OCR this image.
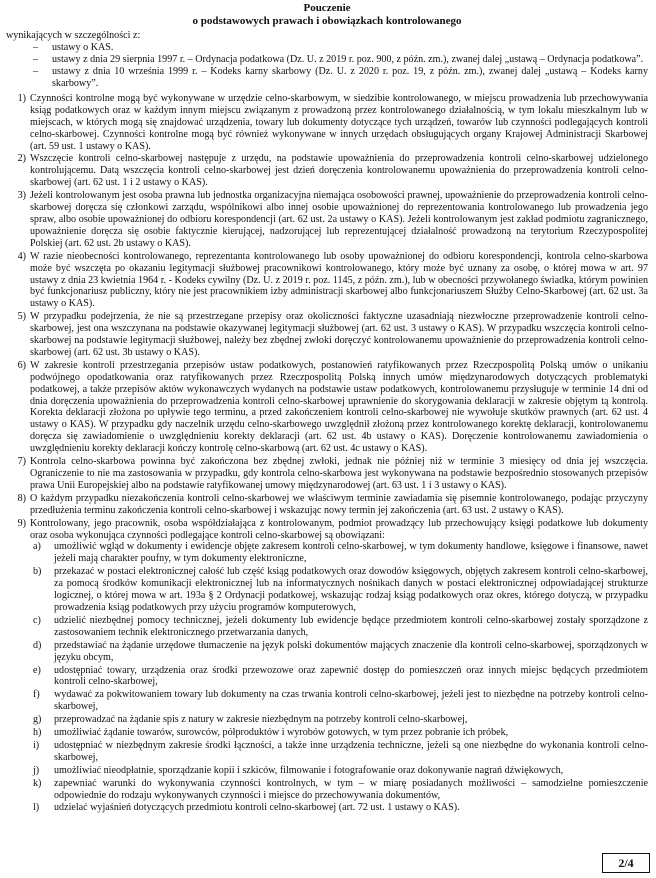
Pouczenie
o podstawowych prawach i obowiązkach kontrolowanego
wynikających w szczególności z:
– ustawy o KAS.
– ustawy z dnia 29 sierpnia 1997 r. – Ordynacja podatkowa (Dz. U. z 2019 r. poz. 900, z późn. zm.), zwanej dalej „ustawą – Ordynacja podatkowa”.
– ustawy z dnia 10 września 1999 r. – Kodeks karny skarbowy (Dz. U. z 2020 r. poz. 19, z późn. zm.), zwanej dalej „ustawą – Kodeks karny skarbowy”.
1) Czynności kontrolne mogą być wykonywane w urzędzie celno-skarbowym, w siedzibie kontrolowanego, w miejscu prowadzenia lub przechowywania ksiąg podatkowych oraz w każdym innym miejscu związanym z prowadzoną przez kontrolowanego działalnością, w tym lokalu mieszkalnym lub w miejscach, w których mogą się znajdować urządzenia, towary lub dokumenty dotyczące tych urządzeń, towarów lub czynności podlegających kontroli celno-skarbowej. Czynności kontrolne mogą być również wykonywane w innych urzędach obsługujących organy Krajowej Administracji Skarbowej (art. 59 ust. 1 ustawy o KAS).
2) Wszczęcie kontroli celno-skarbowej następuje z urzędu, na podstawie upoważnienia do przeprowadzenia kontroli celno-skarbowej udzielonego kontrolującemu. Datą wszczęcia kontroli celno-skarbowej jest dzień doręczenia kontrolowanemu upoważnienia do przeprowadzenia kontroli celno-skarbowej (art. 62 ust. 1 i 2 ustawy o KAS).
3) Jeżeli kontrolowanym jest osoba prawna lub jednostka organizacyjna niemająca osobowości prawnej, upoważnienie do przeprowadzenia kontroli celno-skarbowej doręcza się członkowi zarządu, wspólnikowi albo innej osobie upoważnionej do reprezentowania kontrolowanego lub prowadzenia jego spraw, albo osobie upoważnionej do odbioru korespondencji (art. 62 ust. 2a ustawy o KAS). Jeżeli kontrolowanym jest zakład podmiotu zagranicznego, upoważnienie doręcza się osobie faktycznie kierującej, nadzorującej lub reprezentującej działalność prowadzoną na terytorium Rzeczypospolitej Polskiej (art. 62 ust. 2b ustawy o KAS).
4) W razie nieobecności kontrolowanego, reprezentanta kontrolowanego lub osoby upoważnionej do odbioru korespondencji, kontrola celno-skarbowa może być wszczęta po okazaniu legitymacji służbowej pracownikowi kontrolowanego, który może być uznany za osobę, o której mowa w art. 97 ustawy z dnia 23 kwietnia 1964 r. - Kodeks cywilny (Dz. U. z 2019 r. poz. 1145, z późn. zm.), lub w obecności przywołanego świadka, którym powinien być funkcjonariusz publiczny, który nie jest pracownikiem izby administracji skarbowej albo funkcjonariuszem Służby Celno-Skarbowej (art. 62 ust. 3a ustawy o KAS).
5) W przypadku podejrzenia, że nie są przestrzegane przepisy oraz okoliczności faktyczne uzasadniają niezwłoczne przeprowadzenie kontroli celno-skarbowej, jest ona wszczynana na podstawie okazywanej legitymacji służbowej (art. 62 ust. 3 ustawy o KAS). W przypadku wszczęcia kontroli celno-skarbowej na podstawie legitymacji służbowej, należy bez zbędnej zwłoki doręczyć kontrolowanemu upoważnienie do przeprowadzenia kontroli celno-skarbowej (art. 62 ust. 3b ustawy o KAS).
6) W zakresie kontroli przestrzegania przepisów ustaw podatkowych, postanowień ratyfikowanych przez Rzeczpospolitą Polską umów o unikaniu podwójnego opodatkowania oraz ratyfikowanych przez Rzeczpospolitą Polską innych umów międzynarodowych dotyczących problematyki podatkowej, a także przepisów aktów wykonawczych wydanych na podstawie ustaw podatkowych, kontrolowanemu przysługuje w terminie 14 dni od dnia doręczenia upoważnienia do przeprowadzenia kontroli celno-skarbowej uprawnienie do skorygowania deklaracji w zakresie objętym tą kontrolą. Korekta deklaracji złożona po upływie tego terminu, a przed zakończeniem kontroli celno-skarbowej nie wywołuje skutków prawnych (art. 62 ust. 4 ustawy o KAS). W przypadku gdy naczelnik urzędu celno-skarbowego uwzględnił złożoną przez kontrolowanego korektę deklaracji, kontrolowanemu doręcza się zawiadomienie o uwzględnieniu korekty deklaracji (art. 62 ust. 4b ustawy o KAS). Doręczenie kontrolowanemu zawiadomienia o uwzględnieniu korekty deklaracji kończy kontrolę celno-skarbową (art. 62 ust. 4c ustawy o KAS).
7) Kontrola celno-skarbowa powinna być zakończona bez zbędnej zwłoki, jednak nie później niż w terminie 3 miesięcy od dnia jej wszczęcia. Ograniczenie to nie ma zastosowania w przypadku, gdy kontrola celno-skarbowa jest wykonywana na podstawie bezpośrednio stosowanych przepisów prawa Unii Europejskiej albo na podstawie ratyfikowanej umowy międzynarodowej (art. 63 ust. 1 i 3 ustawy o KAS).
8) O każdym przypadku niezakończenia kontroli celno-skarbowej we właściwym terminie zawiadamia się pisemnie kontrolowanego, podając przyczyny przedłużenia terminu zakończenia kontroli celno-skarbowej i wskazując nowy termin jej zakończenia (art. 63 ust. 2 ustawy o KAS).
9) Kontrolowany, jego pracownik, osoba współdziałająca z kontrolowanym, podmiot prowadzący lub przechowujący księgi podatkowe lub dokumenty oraz osoba wykonująca czynności podlegające kontroli celno-skarbowej są obowiązani:
a) umożliwić wgląd w dokumenty i ewidencje objęte zakresem kontroli celno-skarbowej, w tym dokumenty handlowe, księgowe i finansowe, nawet jeżeli mają charakter poufny, w tym dokumenty elektroniczne,
b) przekazać w postaci elektronicznej całość lub część ksiąg podatkowych oraz dowodów księgowych, objętych zakresem kontroli celno-skarbowej, za pomocą środków komunikacji elektronicznej lub na informatycznych nośnikach danych w postaci elektronicznej odpowiadającej strukturze logicznej, o której mowa w art. 193a § 2 Ordynacji podatkowej, wskazując rodzaj ksiąg podatkowych oraz okres, którego dotyczą, w przypadku prowadzenia ksiąg podatkowych przy użyciu programów komputerowych,
c) udzielić niezbędnej pomocy technicznej, jeżeli dokumenty lub ewidencje będące przedmiotem kontroli celno-skarbowej zostały sporządzone z zastosowaniem technik elektronicznego przetwarzania danych,
d) przedstawiać na żądanie urzędowe tłumaczenie na język polski dokumentów mających znaczenie dla kontroli celno-skarbowej, sporządzonych w języku obcym,
e) udostępniać towary, urządzenia oraz środki przewozowe oraz zapewnić dostęp do pomieszczeń oraz innych miejsc będących przedmiotem kontroli celno-skarbowej,
f) wydawać za pokwitowaniem towary lub dokumenty na czas trwania kontroli celno-skarbowej, jeżeli jest to niezbędne na potrzeby kontroli celno-skarbowej,
g) przeprowadzać na żądanie spis z natury w zakresie niezbędnym na potrzeby kontroli celno-skarbowej,
h) umożliwiać żądanie towarów, surowców, półproduktów i wyrobów gotowych, w tym przez pobranie ich próbek,
i) udostępniać w niezbędnym zakresie środki łączności, a także inne urządzenia techniczne, jeżeli są one niezbędne do wykonania kontroli celno-skarbowej,
j) umożliwiać nieodpłatnie, sporządzanie kopii i szkiców, filmowanie i fotografowanie oraz dokonywanie nagrań dźwiękowych,
k) zapewniać warunki do wykonywania czynności kontrolnych, w tym – w miarę posiadanych możliwości – samodzielne pomieszczenie odpowiednie do rodzaju wykonywanych czynności i miejsce do przechowywania dokumentów,
l) udzielać wyjaśnień dotyczących przedmiotu kontroli celno-skarbowej (art. 72 ust. 1 ustawy o KAS).
2/4
